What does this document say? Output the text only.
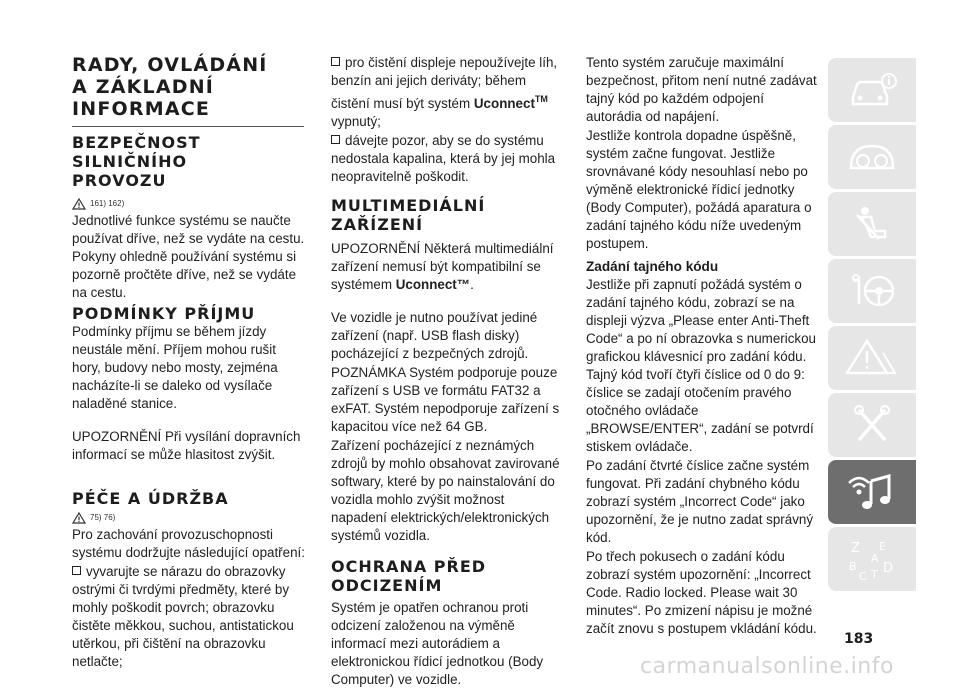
RADY, OVLÁDÁNÍ
A ZÁKLADNÍ
INFORMACE
BEZPEČNOST SILNIČNÍHO
PROVOZU
161) 162)

Jednotlivé funkce systému se naučte používat dříve, než se vydáte na cestu. Pokyny ohledně používání systému si pozorně pročtěte dříve, než se vydáte na cestu.

PODMÍNKY PŘÍJMU

Podmínky příjmu se během jízdy neustále mění. Příjem mohou rušit hory, budovy nebo mosty, zejména nacházíte-li se daleko od vysílače naladěné stanice.

UPOZORNĚNÍ Při vysílání dopravních informací se může hlasitost zvýšit.

PÉČE A ÚDRŽBA
75) 76)

Pro zachování provozuschopnosti systému dodržujte následující opatření:

vyvarujte se nárazu do obrazovky ostrými či tvrdými předměty, které by mohly poškodit povrch; obrazovku čistěte měkkou, suchou, antistatickou utěrkou, při čištění na obrazovku netlačte;

pro čistění displeje nepoužívejte líh, benzín ani jejich deriváty; během čistění musí být systém Uconnect™ vypnutý;

dávejte pozor, aby se do systému nedostala kapalina, která by jej mohla neopravitelně poškodit.

MULTIMEDIÁLNÍ
ZAŘÍZENÍ

UPOZORNĚNÍ Některá multimediální zařízení nemusí být kompatibilní se systémem Uconnect™.

Ve vozidle je nutno používat jediné zařízení (např. USB flash disky) pocházející z bezpečných zdrojů.

POZNÁMKA Systém podporuje pouze zařízení s USB ve formátu FAT32 a exFAT. Systém nepodporuje zařízení s kapacitou více než 64 GB.

Zařízení pocházející z neznámých zdrojů by mohlo obsahovat zavirované softwary, které by po nainstalování do vozidla mohlo zvýšit možnost napadení elektrických/elektronických systémů vozidla.

OCHRANA PŘED
ODCIZENÍM

Systém je opatřen ochranou proti odcizení založenou na výměně informací mezi autorádiem a elektronickou řídicí jednotkou (Body Computer) ve vozidle.

Tento systém zaručuje maximální bezpečnost, přitom není nutné zadávat tajný kód po každém odpojení autorádia od napájení.

Jestliže kontrola dopadne úspěšně, systém začne fungovat. Jestliže srovnávané kódy nesouhlasí nebo po výměně elektronické řídicí jednotky (Body Computer), požádá aparatura o zadání tajného kódu níže uvedeným postupem.

Zadání tajného kódu

Jestliže při zapnutí požádá systém o zadání tajného kódu, zobrazí se na displeji výzva „Please enter Anti-Theft Code“ a po ní obrazovka s numerickou grafickou klávesnicí pro zadání kódu. Tajný kód tvoří čtyři číslice od 0 do 9: číslice se zadají otočením pravého otočného ovládače „BROWSE/ENTER“, zadání se potvrdí stiskem ovládače.

Po zadání čtvrté číslice začne systém fungovat. Při zadání chybného kódu zobrazí systém „Incorrect Code“ jako upozornění, že je nutno zadat správný kód.

Po třech pokusech o zadání kódu zobrazí systém upozornění: „Incorrect Code. Radio locked. Please wait 30 minutes“. Po zmizení nápisu je možné začít znovu s postupem vkládání kódu.

Z E
A
B
C T D
183
carmanualsonline.info
